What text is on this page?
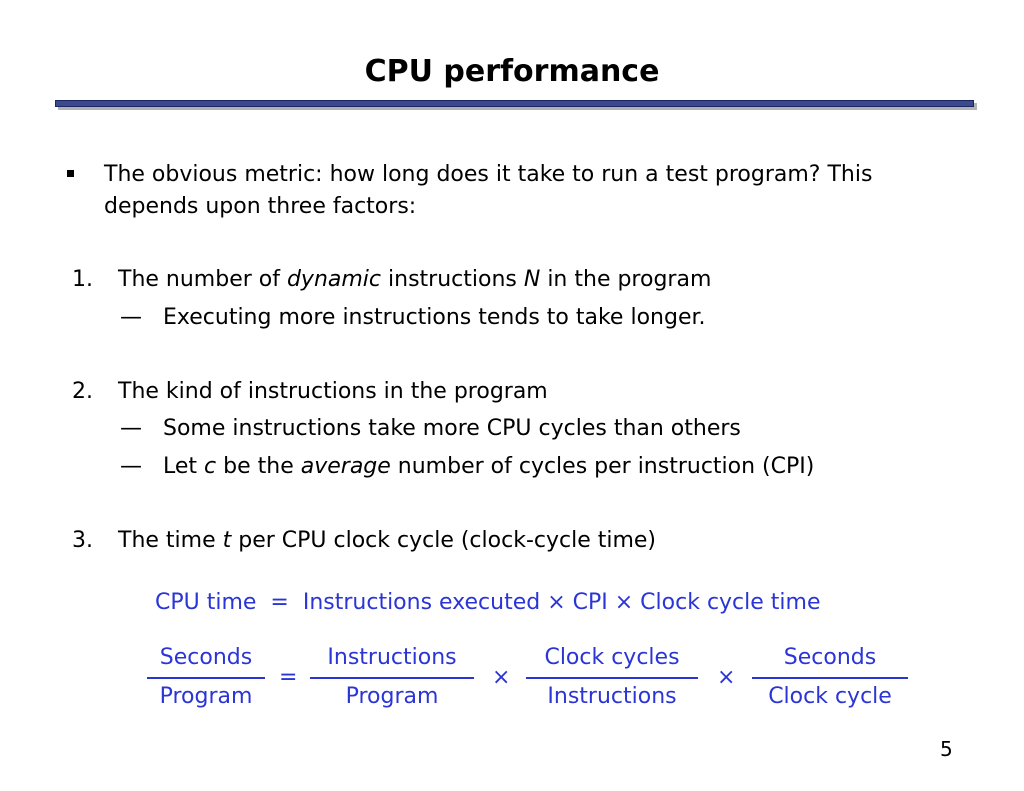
CPU performance
The obvious metric: how long does it take to run a test program? This
depends upon three factors:
1. The number of dynamic instructions N in the program
— Executing more instructions tends to take longer.
2. The kind of instructions in the program
— Some instructions take more CPU cycles than others
— Let c be the average number of cycles per instruction (CPI)
3. The time t per CPU clock cycle (clock-cycle time)
CPU time  =  Instructions executed × CPI × Clock cycle time
Seconds
Program
=
Instructions
Program
×
Clock cycles
Instructions
×
Seconds
Clock cycle
5
